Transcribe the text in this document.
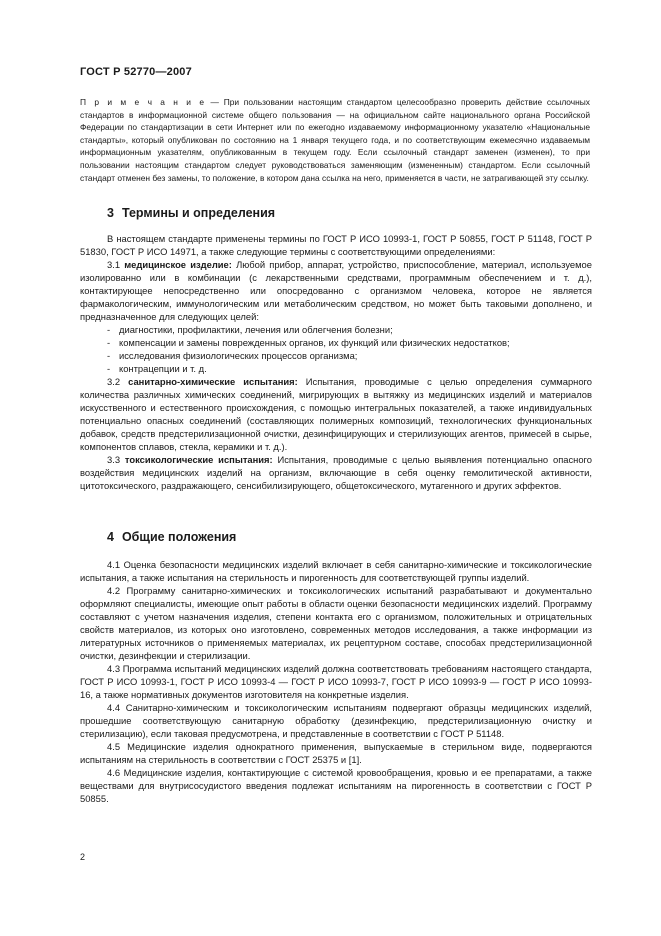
ГОСТ Р 52770—2007

П р и м е ч а н и е — При пользовании настоящим стандартом целесообразно проверить действие ссылочных стандартов в информационной системе общего пользования — на официальном сайте национального органа Российской Федерации по стандартизации в сети Интернет или по ежегодно издаваемому информационному указателю «Национальные стандарты», который опубликован по состоянию на 1 января текущего года, и по соответствующим ежемесячно издаваемым информационным указателям, опубликованным в текущем году. Если ссылочный стандарт заменен (изменен), то при пользовании настоящим стандартом следует руководствоваться заменяющим (измененным) стандартом. Если ссылочный стандарт отменен без замены, то положение, в котором дана ссылка на него, применяется в части, не затрагивающей эту ссылку.

3 Термины и определения

В настоящем стандарте применены термины по ГОСТ Р ИСО 10993-1, ГОСТ Р 50855, ГОСТ Р 51148, ГОСТ Р 51830, ГОСТ Р ИСО 14971, а также следующие термины с соответствующими определениями:

3.1 медицинское изделие: Любой прибор, аппарат, устройство, приспособление, материал, используемое изолированно или в комбинации (с лекарственными средствами, программным обеспечением и т. д.), контактирующее непосредственно или опосредованно с организмом человека, которое не является фармакологическим, иммунологическим или метаболическим средством, но может быть таковыми дополнено, и предназначенное для следующих целей:

- диагностики, профилактики, лечения или облегчения болезни;
- компенсации и замены поврежденных органов, их функций или физических недостатков;
- исследования физиологических процессов организма;
- контрацепции и т. д.

3.2 санитарно-химические испытания: Испытания, проводимые с целью определения суммарного количества различных химических соединений, мигрирующих в вытяжку из медицинских изделий и материалов искусственного и естественного происхождения, с помощью интегральных показателей, а также индивидуальных потенциально опасных соединений (составляющих полимерных композиций, технологических функциональных добавок, средств предстерилизационной очистки, дезинфицирующих и стерилизующих агентов, примесей в сырье, компонентов сплавов, стекла, керамики и т. д.).

3.3 токсикологические испытания: Испытания, проводимые с целью выявления потенциально опасного воздействия медицинских изделий на организм, включающие в себя оценку гемолитической активности, цитотоксического, раздражающего, сенсибилизирующего, общетоксического, мутагенного и других эффектов.

4 Общие положения

4.1 Оценка безопасности медицинских изделий включает в себя санитарно-химические и токсикологические испытания, а также испытания на стерильность и пирогенность для соответствующей группы изделий.

4.2 Программу санитарно-химических и токсикологических испытаний разрабатывают и документально оформляют специалисты, имеющие опыт работы в области оценки безопасности медицинских изделий. Программу составляют с учетом назначения изделия, степени контакта его с организмом, положительных и отрицательных свойств материалов, из которых оно изготовлено, современных методов исследования, а также информации из литературных источников о применяемых материалах, их рецептурном составе, способах предстерилизационной очистки, дезинфекции и стерилизации.

4.3 Программа испытаний медицинских изделий должна соответствовать требованиям настоящего стандарта, ГОСТ Р ИСО 10993-1, ГОСТ Р ИСО 10993-4 — ГОСТ Р ИСО 10993-7, ГОСТ Р ИСО 10993-9 — ГОСТ Р ИСО 10993-16, а также нормативных документов изготовителя на конкретные изделия.

4.4 Санитарно-химическим и токсикологическим испытаниям подвергают образцы медицинских изделий, прошедшие соответствующую санитарную обработку (дезинфекцию, предстерилизационную очистку и стерилизацию), если таковая предусмотрена, и представленные в соответствии с ГОСТ Р 51148.

4.5 Медицинские изделия однократного применения, выпускаемые в стерильном виде, подвергаются испытаниям на стерильность в соответствии с ГОСТ 25375 и [1].

4.6 Медицинские изделия, контактирующие с системой кровообращения, кровью и ее препаратами, а также веществами для внутрисосудистого введения подлежат испытаниям на пирогенность в соответствии с ГОСТ Р 50855.

2
